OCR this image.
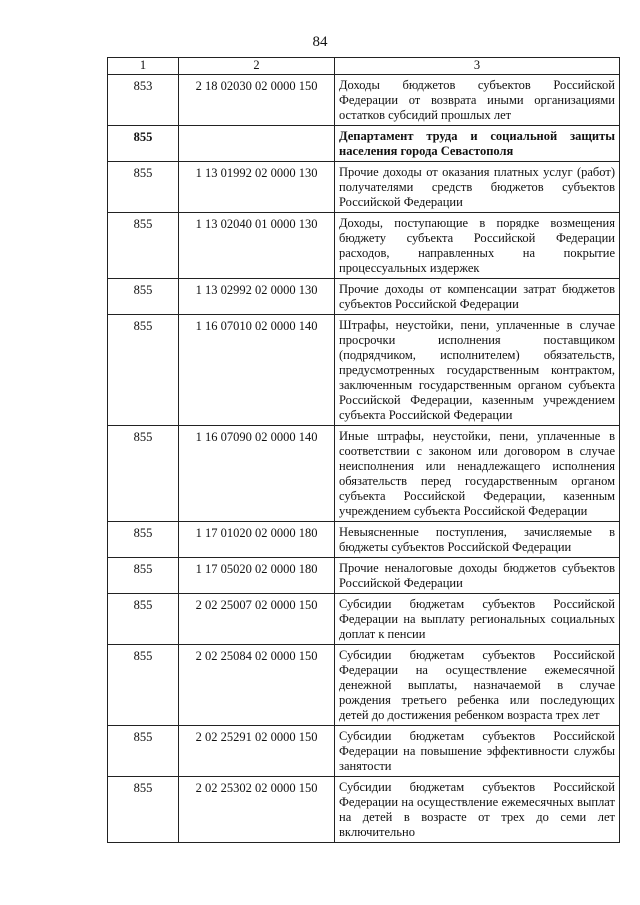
84
1	2	3
853	2 18 02030 02 0000 150	Доходы бюджетов субъектов Российской Федерации от возврата иными организациями остатков субсидий прошлых лет
855		Департамент труда и социальной защиты населения города Севастополя
855	1 13 01992 02 0000 130	Прочие доходы от оказания платных услуг (работ) получателями средств бюджетов субъектов Российской Федерации
855	1 13 02040 01 0000 130	Доходы, поступающие в порядке возмещения бюджету субъекта Российской Федерации расходов, направленных на покрытие процессуальных издержек
855	1 13 02992 02 0000 130	Прочие доходы от компенсации затрат бюджетов субъектов Российской Федерации
855	1 16 07010 02 0000 140	Штрафы, неустойки, пени, уплаченные в случае просрочки исполнения поставщиком (подрядчиком, исполнителем) обязательств, предусмотренных государственным контрактом, заключенным государственным органом субъекта Российской Федерации, казенным учреждением субъекта Российской Федерации
855	1 16 07090 02 0000 140	Иные штрафы, неустойки, пени, уплаченные в соответствии с законом или договором в случае неисполнения или ненадлежащего исполнения обязательств перед государственным органом субъекта Российской Федерации, казенным учреждением субъекта Российской Федерации
855	1 17 01020 02 0000 180	Невыясненные поступления, зачисляемые в бюджеты субъектов Российской Федерации
855	1 17 05020 02 0000 180	Прочие неналоговые доходы бюджетов субъектов Российской Федерации
855	2 02 25007 02 0000 150	Субсидии бюджетам субъектов Российской Федерации на выплату региональных социальных доплат к пенсии
855	2 02 25084 02 0000 150	Субсидии бюджетам субъектов Российской Федерации на осуществление ежемесячной денежной выплаты, назначаемой в случае рождения третьего ребенка или последующих детей до достижения ребенком возраста трех лет
855	2 02 25291 02 0000 150	Субсидии бюджетам субъектов Российской Федерации на повышение эффективности службы занятости
855	2 02 25302 02 0000 150	Субсидии бюджетам субъектов Российской Федерации на осуществление ежемесячных выплат на детей в возрасте от трех до семи лет включительно
